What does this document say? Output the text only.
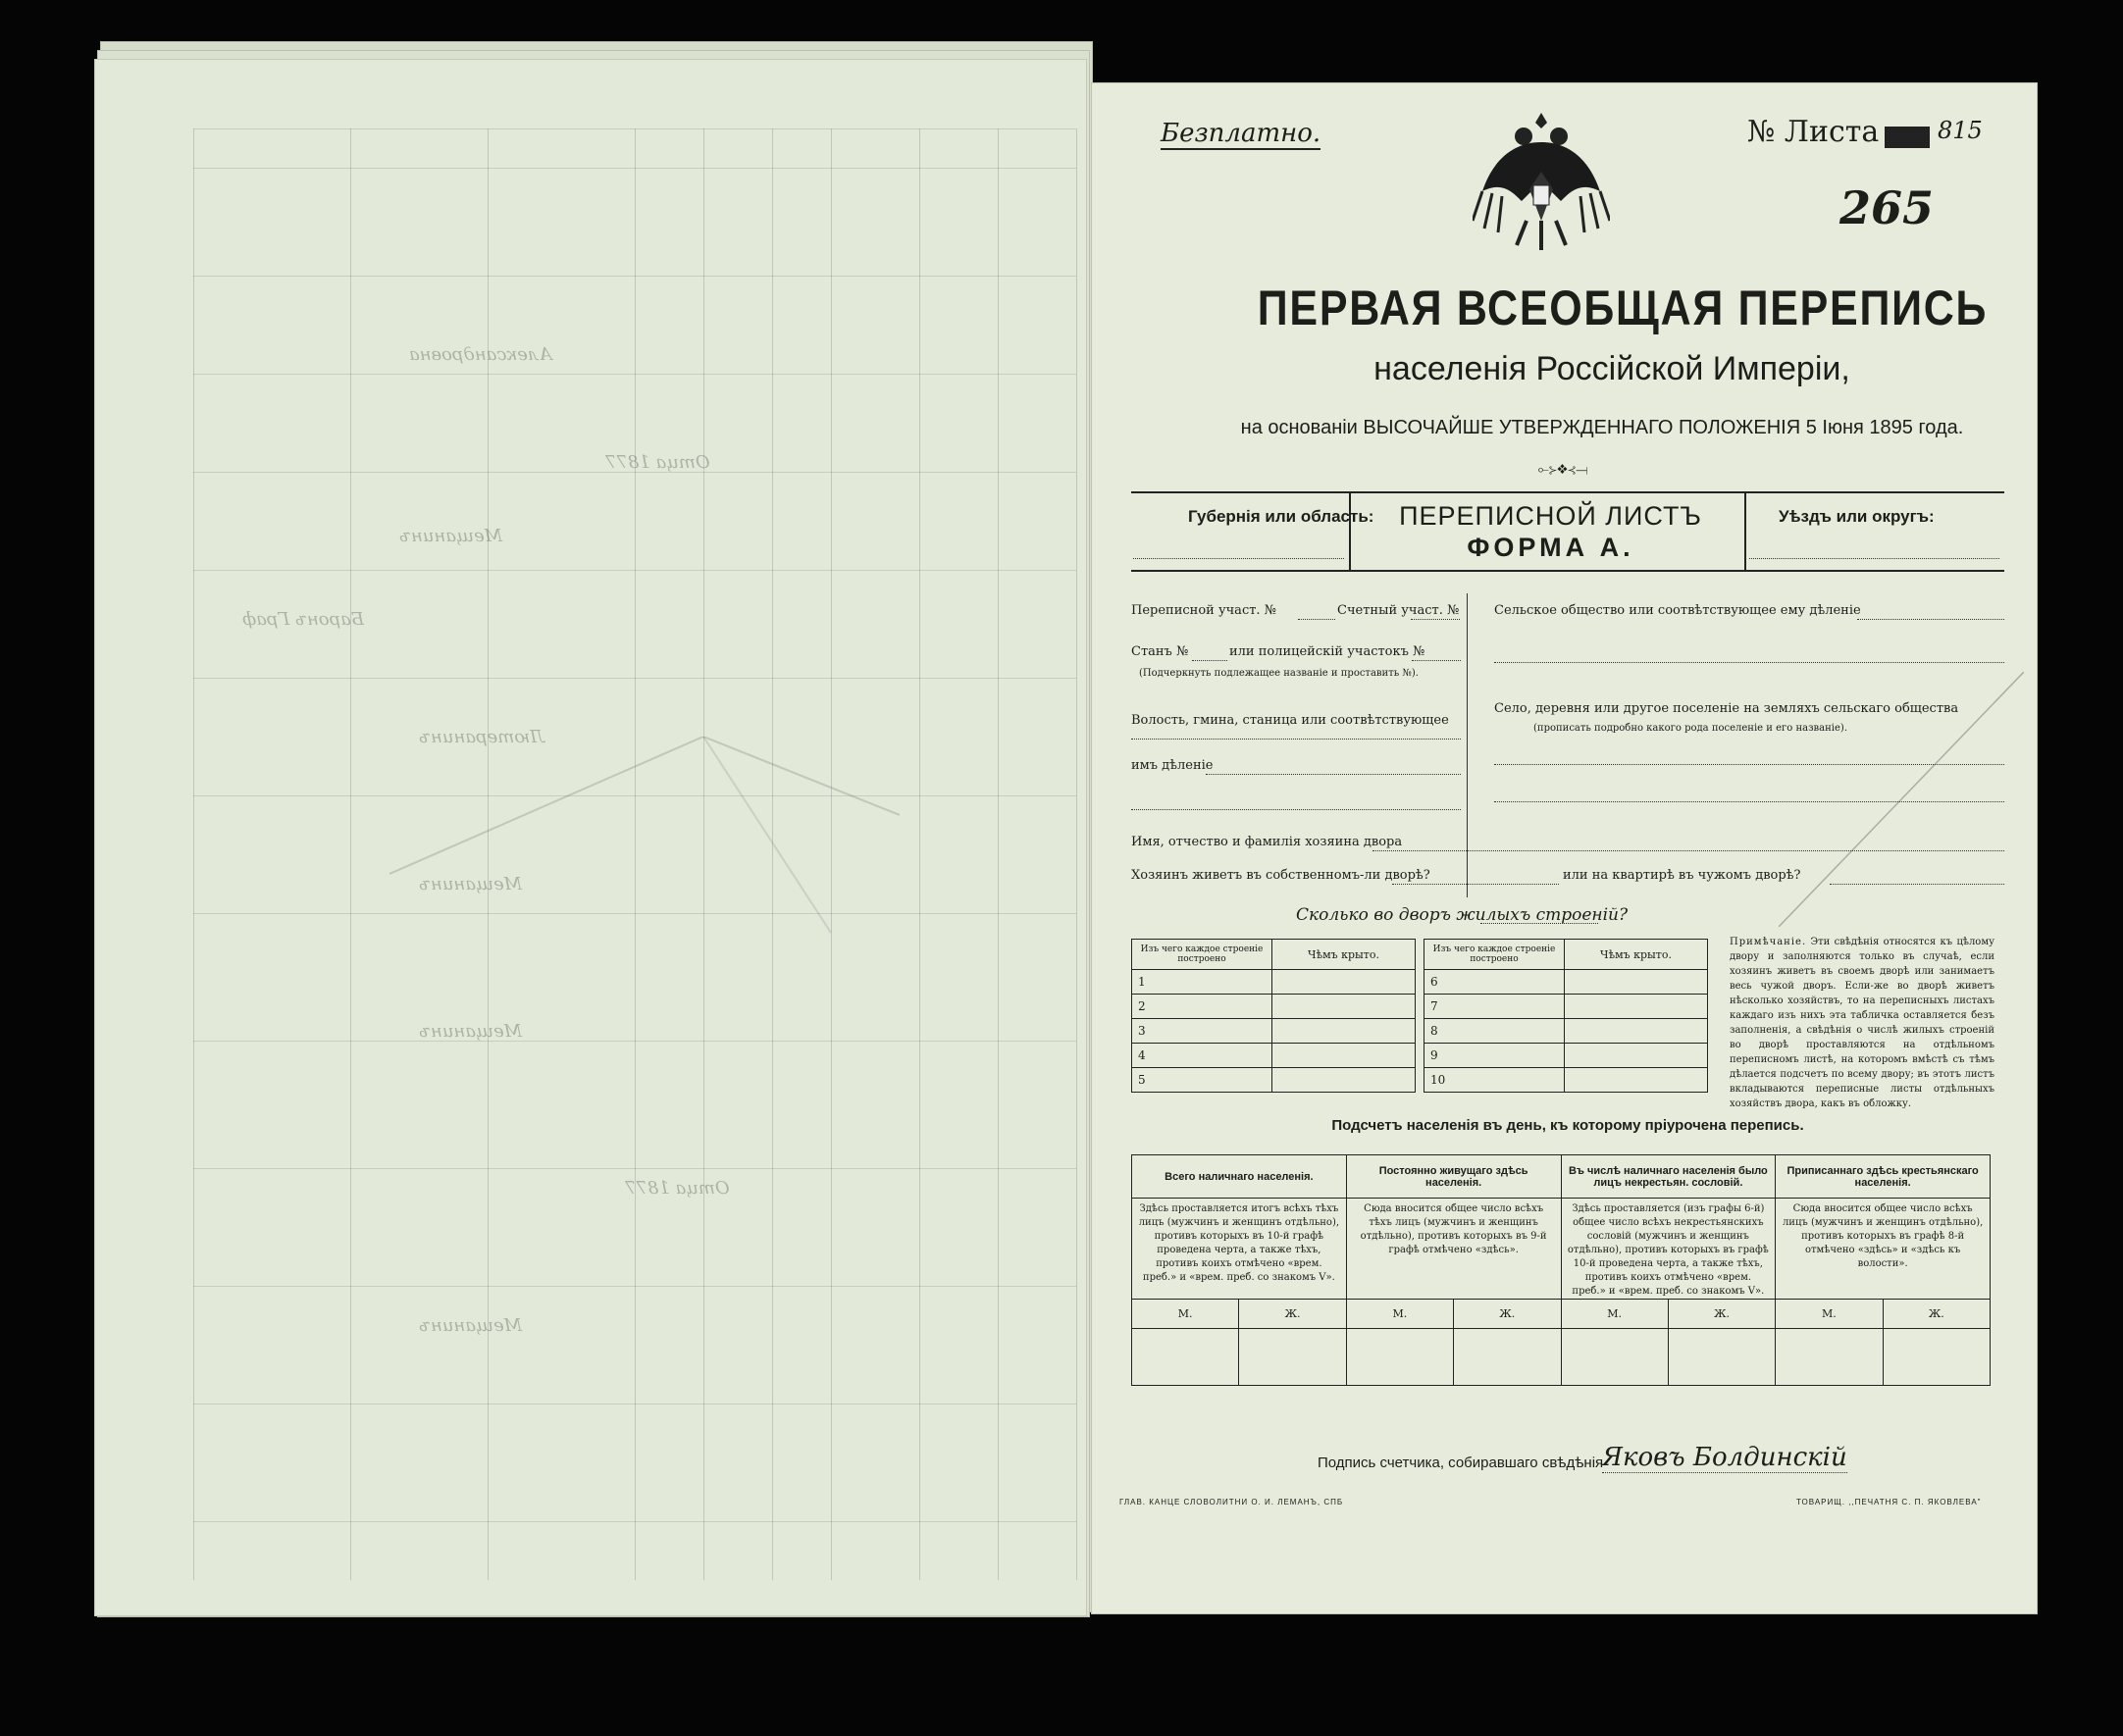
Александровна
Отца 1877
Мещанинъ
Баронъ Граф
Лютеранинъ
Мещанинъ
Мещанинъ
Отца 1877
Мещанинъ
Безплатно.	№ Листа 815
265
ПЕРВАЯ ВСЕОБЩАЯ ПЕРЕПИСЬ
населенія Россійской Имперіи,
на основаніи ВЫСОЧАЙШЕ УТВЕРЖДЕННАГО ПОЛОЖЕНІЯ 5 Іюня 1895 года.
⟜⊱❖⊰⟞
Губернія или область: ПЕРЕПИСНОЙ ЛИСТЪ
ФОРМА А.
Уѣздъ или округъ:
Переписной участ. №	Счетный участ. №
Станъ №	или полицейскій участокъ №
(Подчеркнуть подлежащее названіе и проставить №).
Волость, гмина, станица или соотвѣтствующее
имъ дѣленіе
Сельское общество или соотвѣтствующее ему дѣленіе
Село, деревня или другое поселеніе на земляхъ сельскаго общества
(прописать подробно какого рода поселеніе и его названіе).
Имя, отчество и фамилія хозяина двора
Хозяинъ живетъ въ собственномъ-ли дворѣ?	или на квартирѣ въ чужомъ дворѣ?
Сколько во дворъ жилыхъ строеній?
Изъ чего каждое строеніе построено	Чѣмъ крыто.
1	
2	
3	
4	
5	
Изъ чего каждое строеніе построено	Чѣмъ крыто.
6	
7	
8	
9	
10	
Примѣчаніе. Эти свѣдѣнія относятся къ цѣлому двору и заполняются только въ случаѣ, если хозяинъ живетъ въ своемъ дворѣ или занимаетъ весь чужой дворъ. Если-же во дворѣ живетъ нѣсколько хозяйствъ, то на переписныхъ листахъ каждаго изъ нихъ эта табличка оставляется безъ заполненія, а свѣдѣнія о числѣ жилыхъ строеній во дворѣ проставляются на отдѣльномъ переписномъ листѣ, на которомъ вмѣстѣ съ тѣмъ дѣлается подсчетъ по всему двору; въ этотъ листъ вкладываются переписные листы отдѣльныхъ хозяйствъ двора, какъ въ обложку.
Подсчетъ населенія въ день, къ которому пріурочена перепись.
Всего наличнаго населенія.		Постоянно живущаго здѣсь населенія.		Въ числѣ наличнаго населенія было лицъ некрестьян. сословій.		Приписаннаго здѣсь крестьянскаго населенія.	
Здѣсь проставляется итогъ всѣхъ тѣхъ лицъ (мужчинъ и женщинъ отдѣльно), противъ которыхъ въ 10-й графѣ проведена черта, а также тѣхъ, противъ коихъ отмѣчено «врем. преб.» и «врем. преб. со знакомъ V».		Сюда вносится общее число всѣхъ тѣхъ лицъ (мужчинъ и женщинъ отдѣльно), противъ которыхъ въ 9-й графѣ отмѣчено «здѣсь».		Здѣсь проставляется (изъ графы 6-й) общее число всѣхъ некрестьянскихъ сословій (мужчинъ и женщинъ отдѣльно), противъ которыхъ въ графѣ 10-й проведена черта, а также тѣхъ, противъ коихъ отмѣчено «врем. преб.» и «врем. преб. со знакомъ V».		Сюда вносится общее число всѣхъ лицъ (мужчинъ и женщинъ отдѣльно), противъ которыхъ въ графѣ 8-й отмѣчено «здѣсь» и «здѣсь къ волости».	
М.	Ж.	М.	Ж.	М.	Ж.	М.	Ж.

Подпись счетчика, собиравшаго свѣдѣнія
Яковъ Болдинскій
ГЛАВ. КАНЦЕ СЛОВОЛИТНИ О. И. ЛЕМАНЪ, СПБ	ТОВАРИЩ. ,,ПЕЧАТНЯ С. П. ЯКОВЛЕВА"
